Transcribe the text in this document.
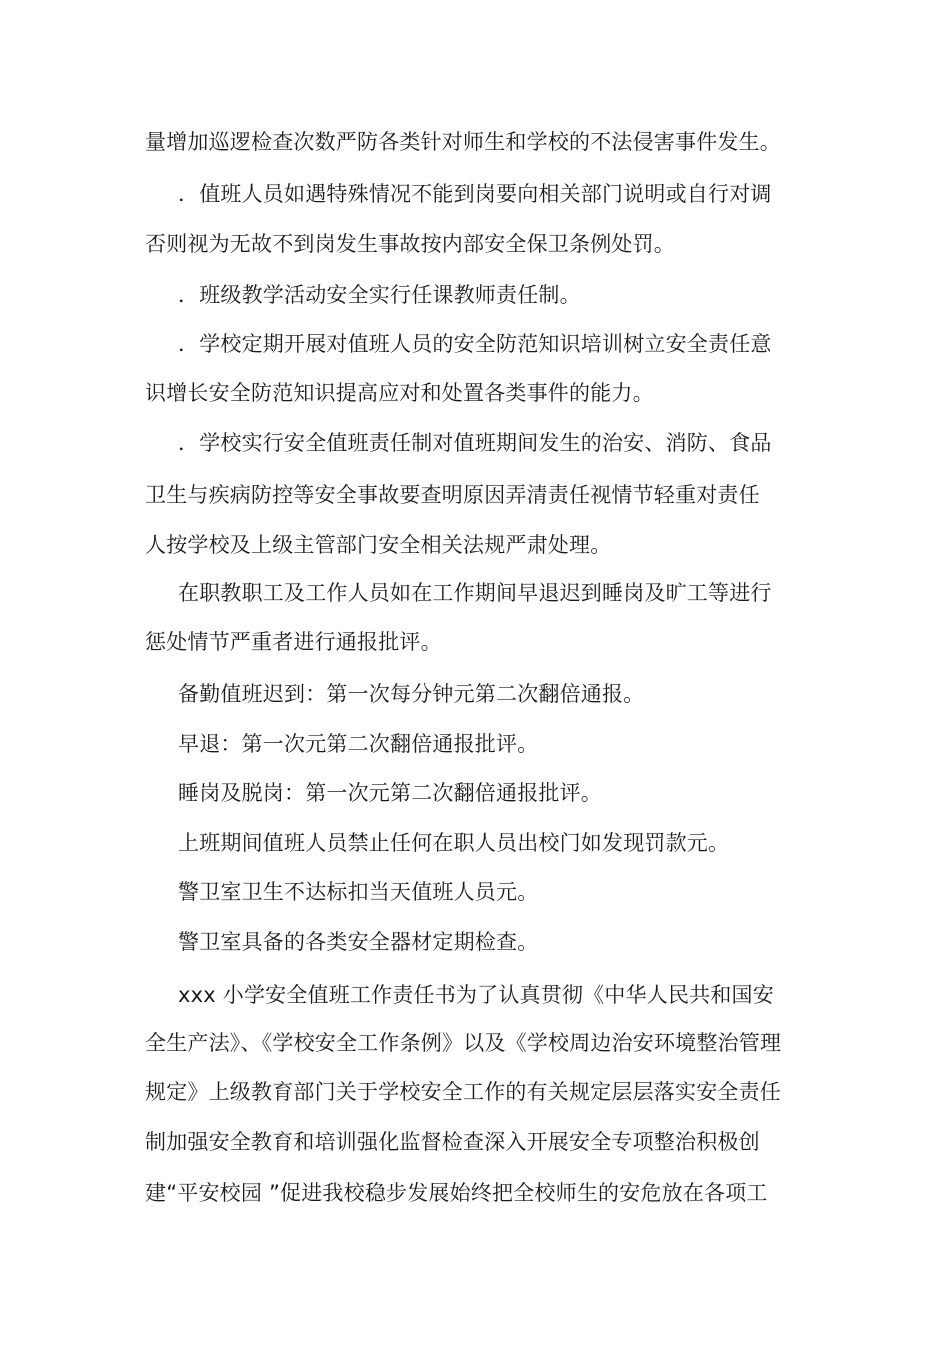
量增加巡逻检查次数严防各类针对师生和学校的不法侵害事件发生。
．值班人员如遇特殊情况不能到岗要向相关部门说明或自行对调
否则视为无故不到岗发生事故按内部安全保卫条例处罚。
．班级教学活动安全实行任课教师责任制。
．学校定期开展对值班人员的安全防范知识培训树立安全责任意
识增长安全防范知识提高应对和处置各类事件的能力。
．学校实行安全值班责任制对值班期间发生的治安、消防、食品
卫生与疾病防控等安全事故要查明原因弄清责任视情节轻重对责任
人按学校及上级主管部门安全相关法规严肃处理。
在职教职工及工作人员如在工作期间早退迟到睡岗及旷工等进行
惩处情节严重者进行通报批评。
备勤值班迟到：第一次每分钟元第二次翻倍通报。
早退：第一次元第二次翻倍通报批评。
睡岗及脱岗：第一次元第二次翻倍通报批评。
上班期间值班人员禁止任何在职人员出校门如发现罚款元。
警卫室卫生不达标扣当天值班人员元。
警卫室具备的各类安全器材定期检查。
xxx 小学安全值班工作责任书为了认真贯彻《中华人民共和国安
全生产法》、《学校安全工作条例》以及《学校周边治安环境整治管理
规定》上级教育部门关于学校安全工作的有关规定层层落实安全责任
制加强安全教育和培训强化监督检查深入开展安全专项整治积极创
建“平安校园 ”促进我校稳步发展始终把全校师生的安危放在各项工
